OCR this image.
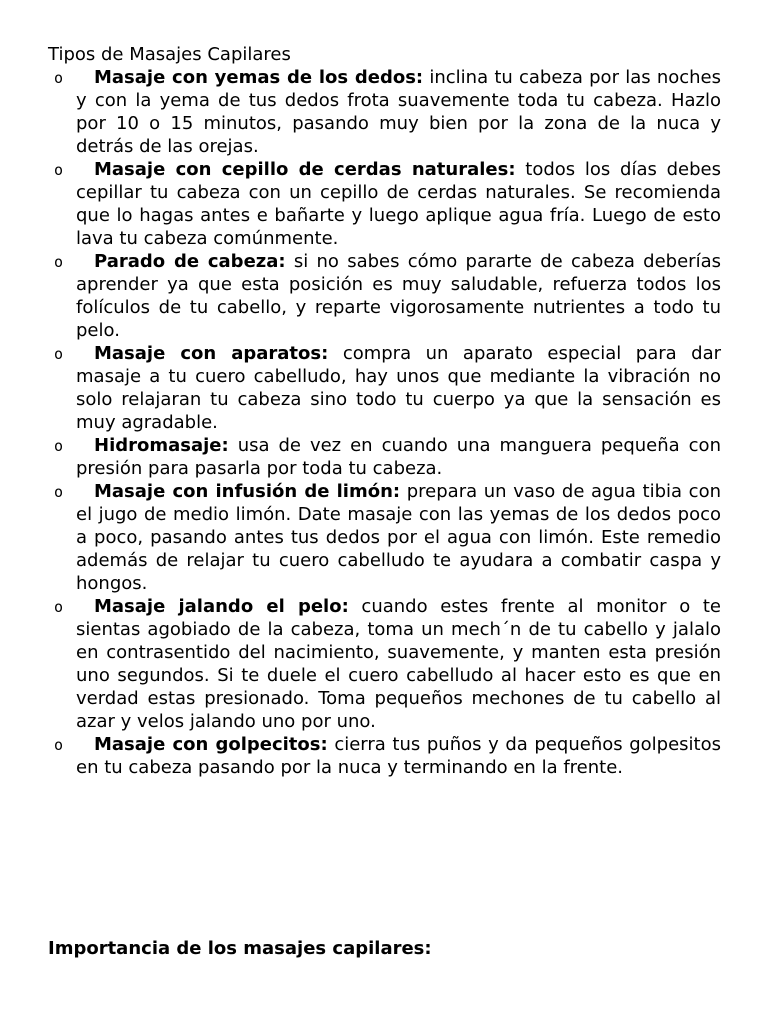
Tipos de Masajes Capilares
o Masaje con yemas de los dedos: inclina tu cabeza por las noches y con la yema de tus dedos frota suavemente toda tu cabeza. Hazlo por 10 o 15 minutos, pasando muy bien por la zona de la nuca y detrás de las orejas.
o Masaje con cepillo de cerdas naturales: todos los días debes cepillar tu cabeza con un cepillo de cerdas naturales. Se recomienda que lo hagas antes e bañarte y luego aplique agua fría. Luego de esto lava tu cabeza comúnmente.
o Parado de cabeza: si no sabes cómo pararte de cabeza deberías aprender ya que esta posición es muy saludable, refuerza todos los folículos de tu cabello, y reparte vigorosamente nutrientes a todo tu pelo.
o Masaje con aparatos: compra un aparato especial para dar masaje a tu cuero cabelludo, hay unos que mediante la vibración no solo relajaran tu cabeza sino todo tu cuerpo ya que la sensación es muy agradable.
o Hidromasaje: usa de vez en cuando una manguera pequeña con presión para pasarla por toda tu cabeza.
o Masaje con infusión de limón: prepara un vaso de agua tibia con el jugo de medio limón. Date masaje con las yemas de los dedos poco a poco, pasando antes tus dedos por el agua con limón. Este remedio además de relajar tu cuero cabelludo te ayudara a combatir caspa y hongos.
o Masaje jalando el pelo: cuando estes frente al monitor o te sientas agobiado de la cabeza, toma un mech´n de tu cabello y jalalo en contrasentido del nacimiento, suavemente, y manten esta presión uno segundos. Si te duele el cuero cabelludo al hacer esto es que en verdad estas presionado. Toma pequeños mechones de tu cabello al azar y velos jalando uno por uno.
o Masaje con golpecitos: cierra tus puños y da pequeños golpesitos en tu cabeza pasando por la nuca y terminando en la frente.
Importancia de los masajes capilares:
